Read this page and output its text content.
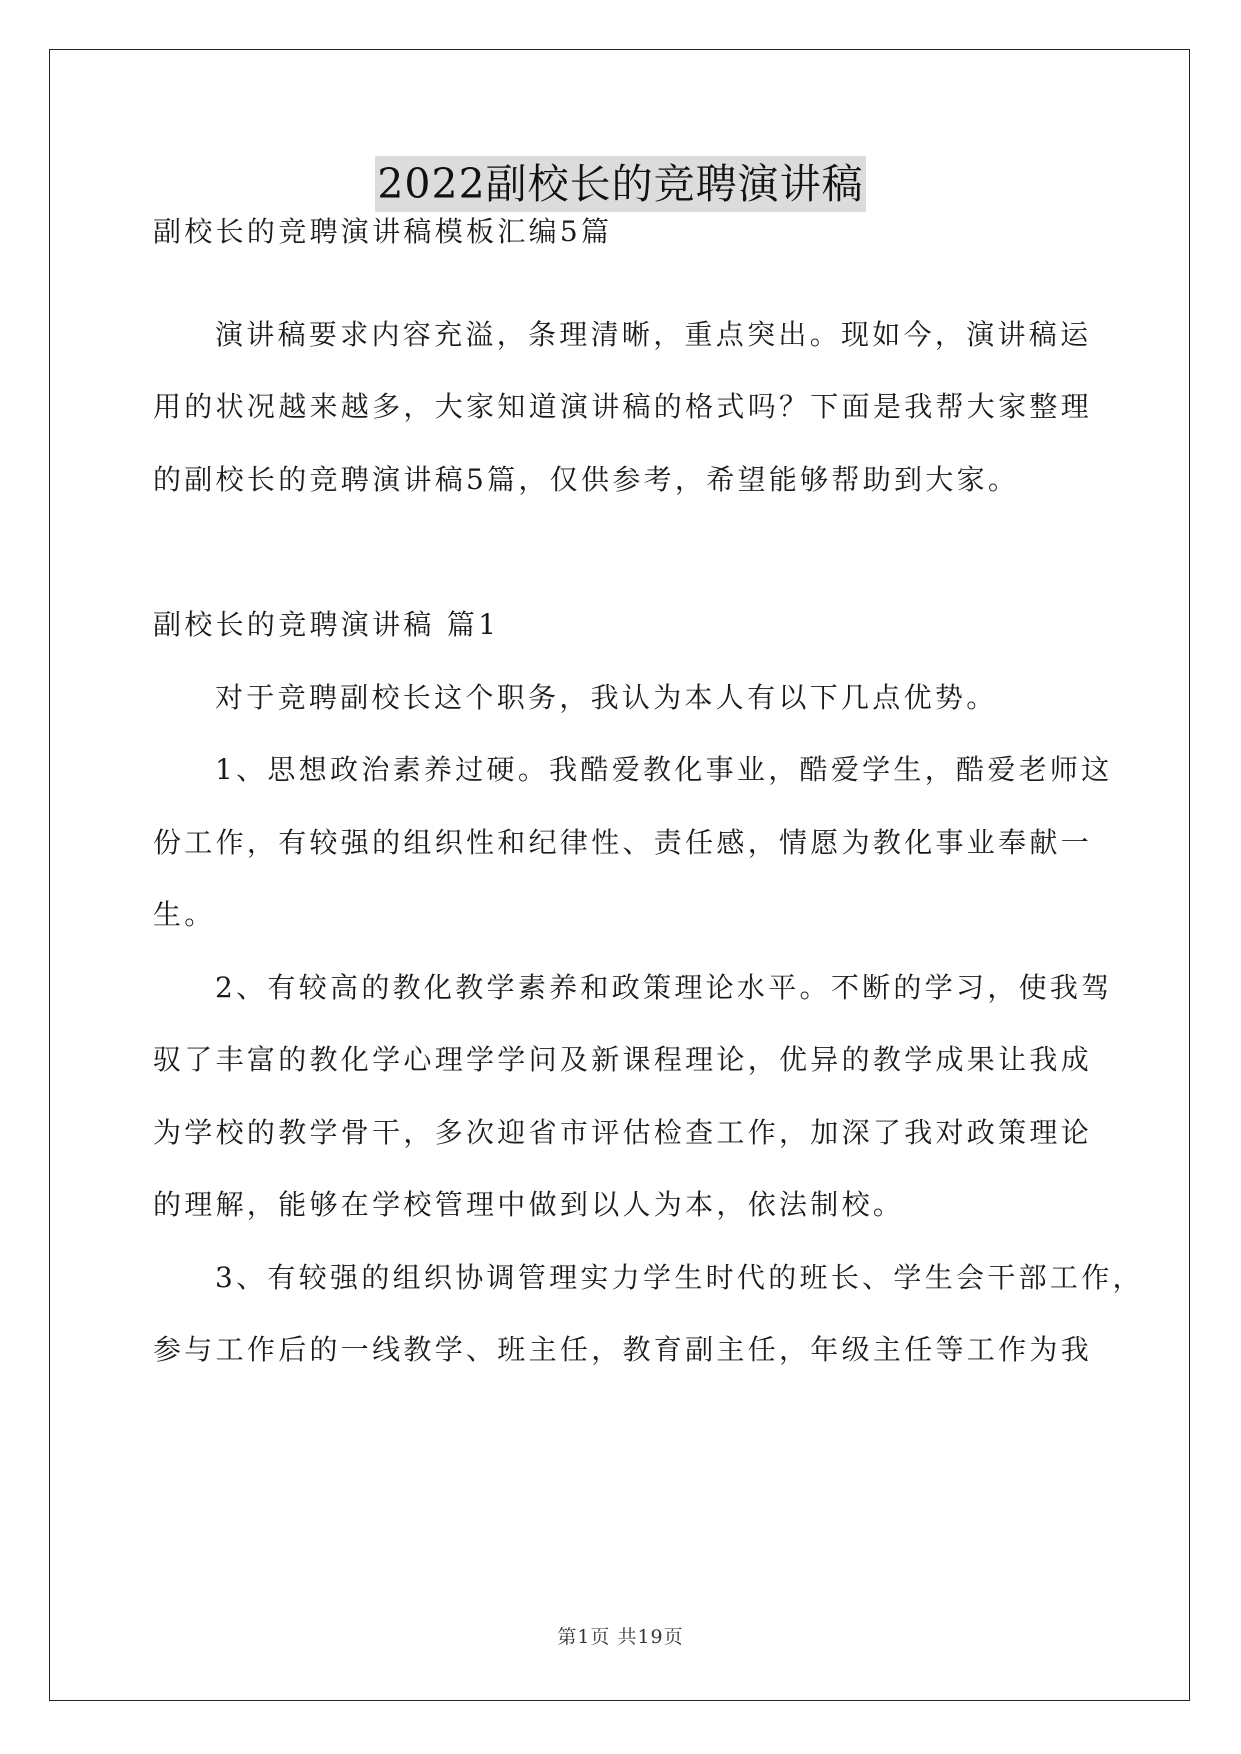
2022副校长的竞聘演讲稿
副校长的竞聘演讲稿模板汇编5篇
演讲稿要求内容充溢，条理清晰，重点突出。现如今，演讲稿运
用的状况越来越多，大家知道演讲稿的格式吗？下面是我帮大家整理
的副校长的竞聘演讲稿5篇，仅供参考，希望能够帮助到大家。
副校长的竞聘演讲稿 篇1
对于竞聘副校长这个职务，我认为本人有以下几点优势。
1、思想政治素养过硬。我酷爱教化事业，酷爱学生，酷爱老师这
份工作，有较强的组织性和纪律性、责任感，情愿为教化事业奉献一
生。
2、有较高的教化教学素养和政策理论水平。不断的学习，使我驾
驭了丰富的教化学心理学学问及新课程理论，优异的教学成果让我成
为学校的教学骨干，多次迎省市评估检查工作，加深了我对政策理论
的理解，能够在学校管理中做到以人为本，依法制校。
3、有较强的组织协调管理实力学生时代的班长、学生会干部工作，
参与工作后的一线教学、班主任，教育副主任，年级主任等工作为我
第1页 共19页
